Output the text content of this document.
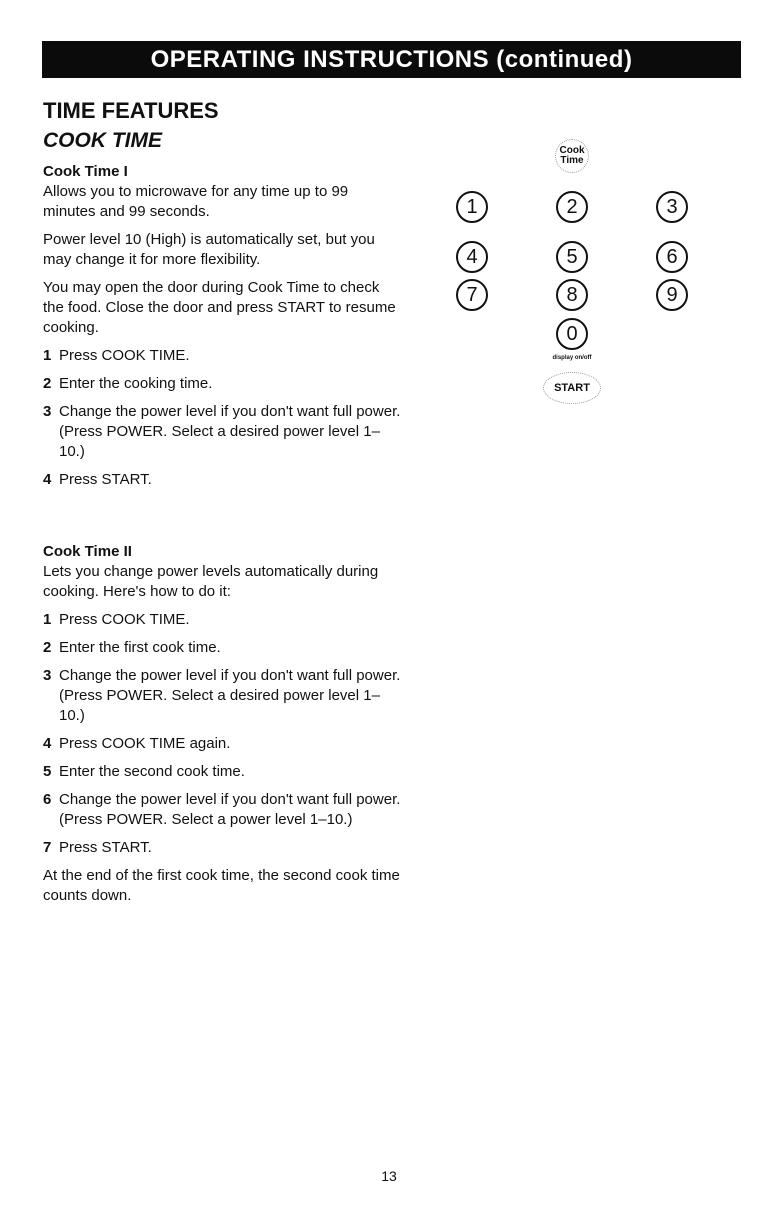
OPERATING INSTRUCTIONS (continued)
TIME FEATURES
COOK TIME
Cook Time I

Allows you to microwave for any time up to 99 minutes and 99 seconds.

Power level 10 (High) is automatically set, but you may change it for more flexibility.

You may open the door during Cook Time to check the food. Close the door and press START to resume cooking.

1 Press COOK TIME.
2 Enter the cooking time.
3 Change the power level if you don't want full power. (Press POWER. Select a desired power level 1–10.)
4 Press START.
Cook Time II

Lets you change power levels automatically during cooking. Here's how to do it:

1 Press COOK TIME.
2 Enter the first cook time.
3 Change the power level if you don't want full power. (Press POWER. Select a desired power level 1–10.)
4 Press COOK TIME again.
5 Enter the second cook time.
6 Change the power level if you don't want full power. (Press POWER. Select a power level 1–10.)
7 Press START.

At the end of the first cook time, the second cook time counts down.

Cook
Time
1	2	3
4	5	6
7	8	9
0
display on/off
START
13
